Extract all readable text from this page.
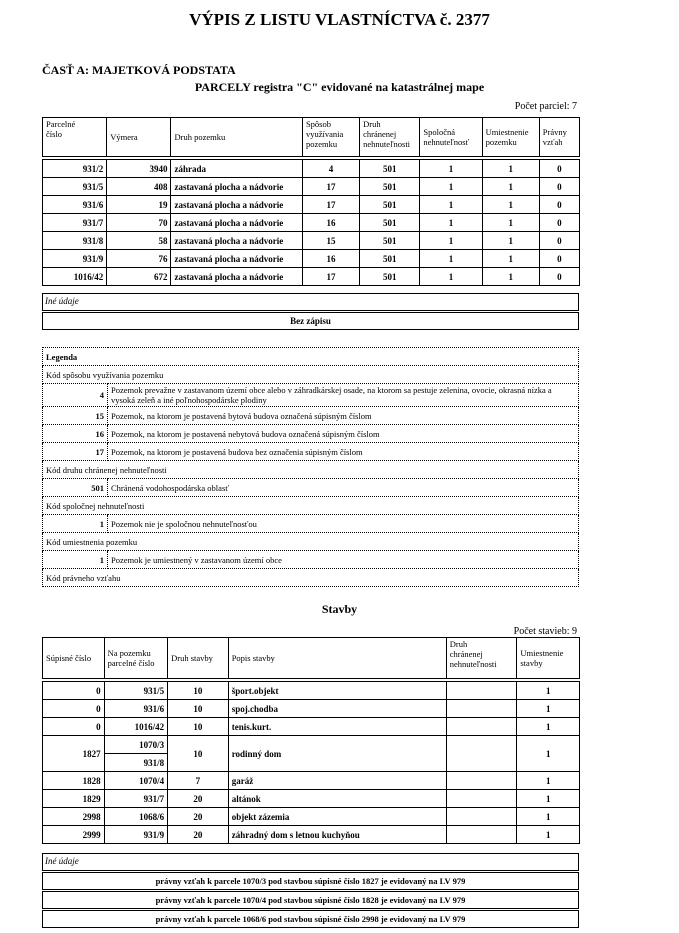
VÝPIS Z LISTU VLASTNÍCTVA č. 2377
ČASŤ A: MAJETKOVÁ PODSTATA
PARCELY registra "C" evidované na katastrálnej mape
Počet parciel: 7
Parcelné
číslo	Výmera	Druh pozemku	Spôsob
využívania
pozemku	Druh
chránenej
nehnuteľnosti	Spoločná
nehnuteľnosť	Umiestnenie
pozemku	Právny
vzťah

931/2	3940	záhrada	4	501	1	1	0
931/5	408	zastavaná plocha a nádvorie	17	501	1	1	0
931/6	19	zastavaná plocha a nádvorie	17	501	1	1	0
931/7	70	zastavaná plocha a nádvorie	16	501	1	1	0
931/8	58	zastavaná plocha a nádvorie	15	501	1	1	0
931/9	76	zastavaná plocha a nádvorie	16	501	1	1	0
1016/42	672	zastavaná plocha a nádvorie	17	501	1	1	0
Iné údaje
Bez zápisu
Legenda	
Kód spôsobu využívania pozemku	
4	Pozemok prevažne v zastavanom území obce alebo v záhradkárskej osade, na ktorom sa pestuje zelenina, ovocie, okrasná nízka a vysoká zeleň a iné poľnohospodárske plodiny
15	Pozemok, na ktorom je postavená bytová budova označená súpisným číslom
16	Pozemok, na ktorom je postavená nebytová budova označená súpisným číslom
17	Pozemok, na ktorom je postavená budova bez označenia súpisným číslom
Kód druhu chránenej nehnuteľnosti	
501	Chránená vodohospodárska oblasť
Kód spoločnej nehnuteľnosti	
1	Pozemok nie je spoločnou nehnuteľnosťou
Kód umiestnenia pozemku	
1	Pozemok je umiestnený v zastavanom území obce
Kód právneho vzťahu	
Stavby
Počet stavieb: 9
Súpisné číslo	Na pozemku
parcelné číslo	Druh stavby	Popis stavby	Druh
chránenej
nehnuteľnosti	Umiestnenie
stavby

0	931/5	10	šport.objekt		1
0	931/6	10	spoj.chodba		1
0	1016/42	10	tenis.kurt.		1
1827	1070/3	10	rodinný dom		1
	931/8				
1828	1070/4	7	garáž		1
1829	931/7	20	altánok		1
2998	1068/6	20	objekt zázemia		1
2999	931/9	20	záhradný dom s letnou kuchyňou		1
Iné údaje
právny vzťah k parcele 1070/3 pod stavbou súpisné číslo 1827 je evidovaný na LV 979
právny vzťah k parcele 1070/4 pod stavbou súpisné číslo 1828 je evidovaný na LV 979
právny vzťah k parcele 1068/6 pod stavbou súpisné číslo 2998 je evidovaný na LV 979
